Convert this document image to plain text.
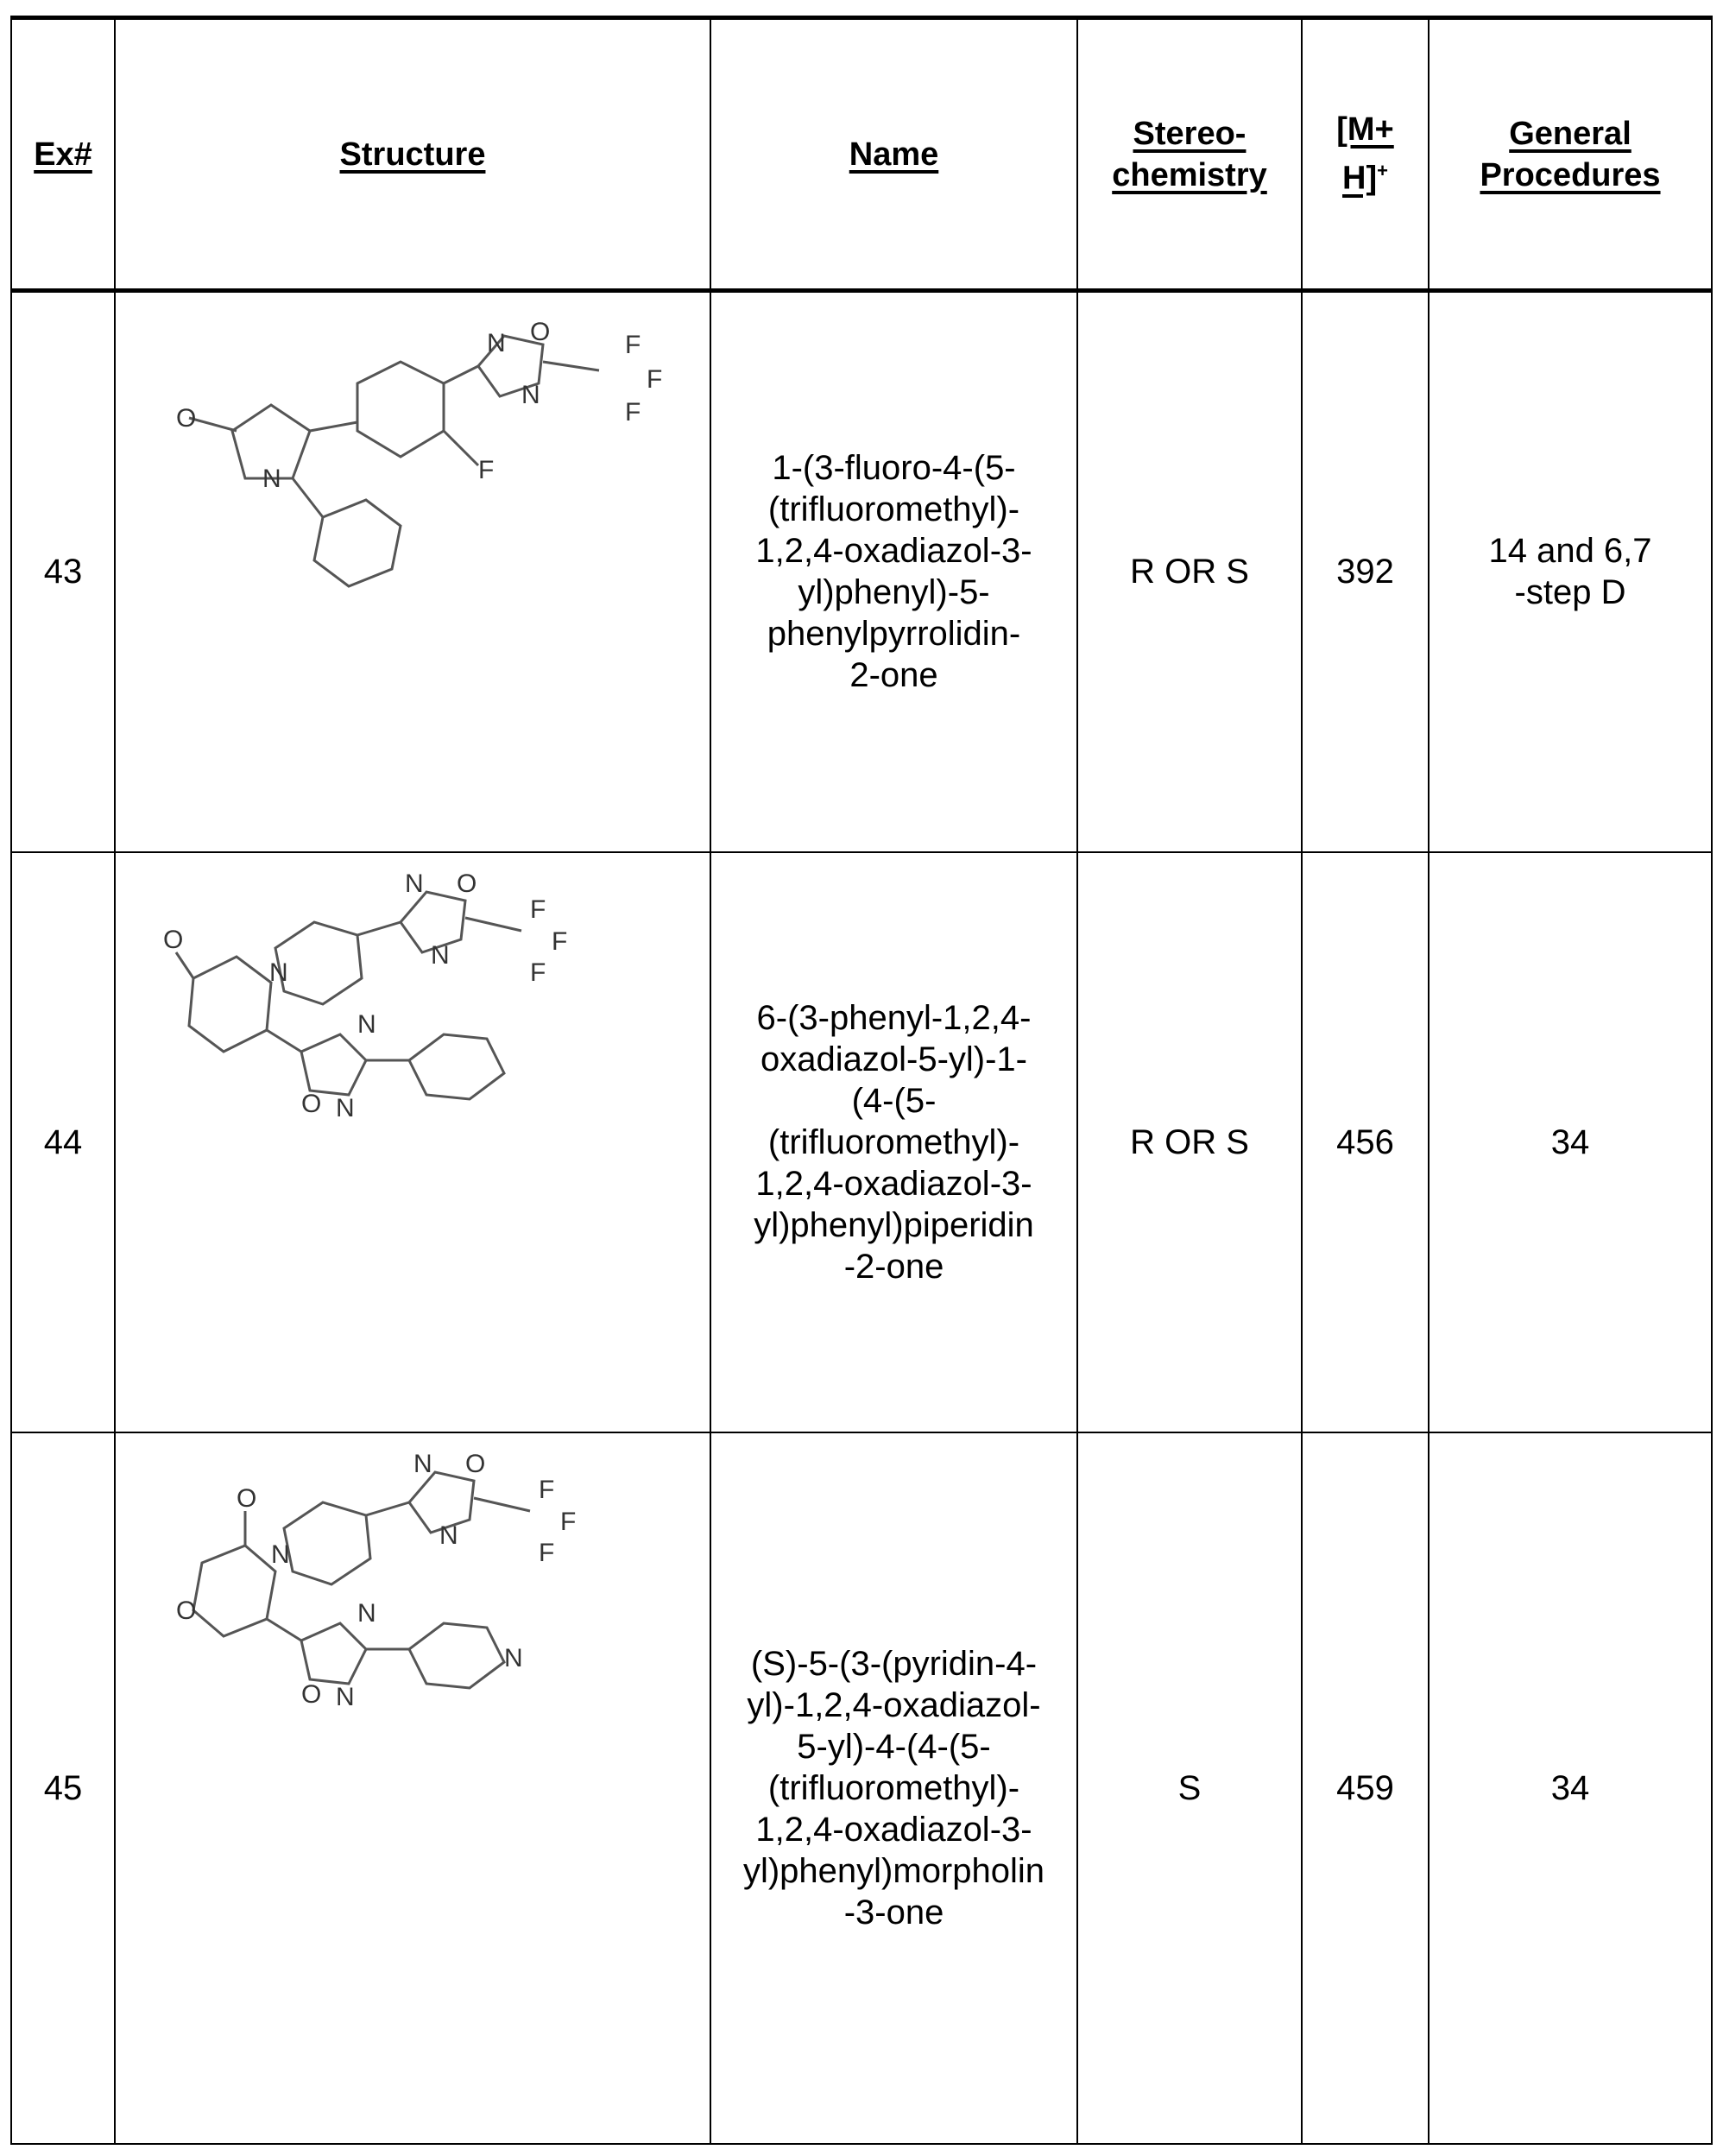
Ex#	Structure	Name	Stereo-
chemistry	[M+
H]+	General
Procedures
43	
N
O
N O
N
F
F
F
F	1-(3-fluoro-4-(5-
(trifluoromethyl)-
1,2,4-oxadiazol-3-
yl)phenyl)-5-
phenylpyrrolidin-
2-one	R OR S	392	14 and 6,7
-step D
44	
N
O
N O
N
F
F
F
N
O N
	6-(3-phenyl-1,2,4-
oxadiazol-5-yl)-1-
(4-(5-
(trifluoromethyl)-
1,2,4-oxadiazol-3-
yl)phenyl)piperidin
-2-one	R OR S	456	34
45	
N
O
O
N O
N
F
F
F
N
N
O N
	(S)-5-(3-(pyridin-4-
yl)-1,2,4-oxadiazol-
5-yl)-4-(4-(5-
(trifluoromethyl)-
1,2,4-oxadiazol-3-
yl)phenyl)morpholin
-3-one	S	459	34
